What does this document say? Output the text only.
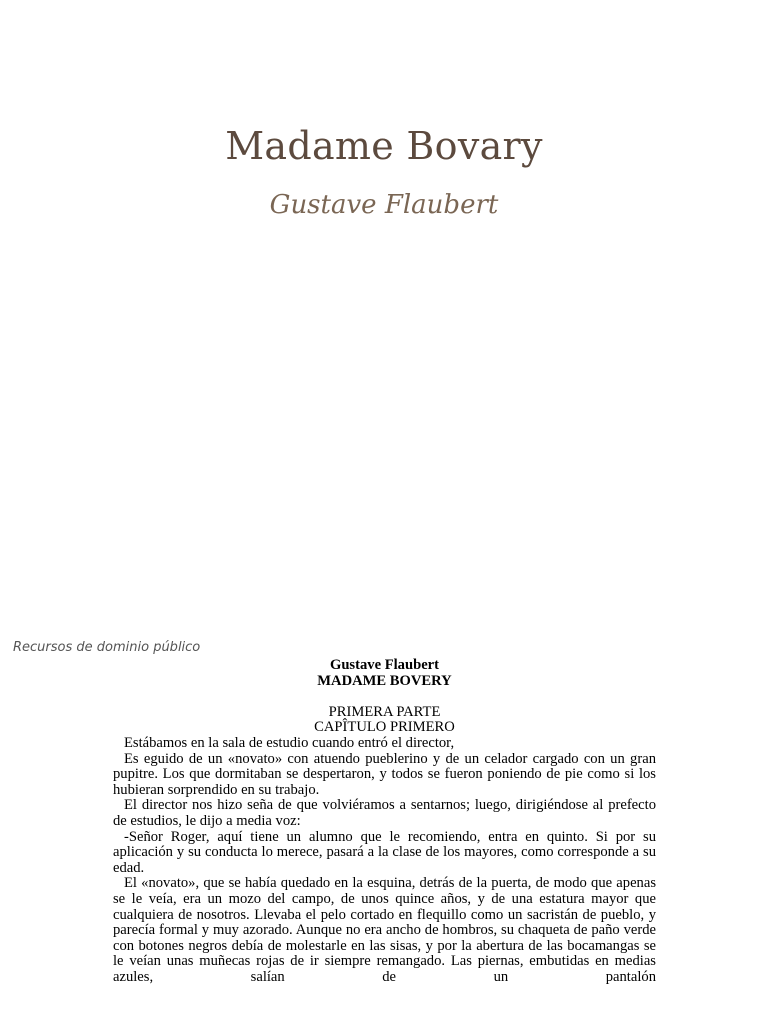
Madame Bovary
Gustave Flaubert
Recursos de dominio público
Gustave Flaubert
MADAME BOVERY
PRIMERA PARTE
CAPÎTULO PRIMERO

Estábamos en la sala de estudio cuando entró el director,

Es eguido de un «novato» con atuendo pueblerino y de un celador cargado con un gran pupitre. Los que dormitaban se despertaron, y todos se fueron poniendo de pie como si los hubieran sorprendido en su trabajo.

El director nos hizo seña de que volviéramos a sentarnos; luego, dirigiéndose al prefecto de estudios, le dijo a media voz:

-Señor Roger, aquí tiene un alumno que le recomiendo, entra en quinto. Si por su aplicación y su conducta lo merece, pasará a la clase de los mayores, como corresponde a su edad.

El «novato», que se había quedado en la esquina, detrás de la puerta, de modo que apenas se le veía, era un mozo del campo, de unos quince años, y de una estatura mayor que cualquiera de nosotros. Llevaba el pelo cortado en flequillo como un sacristán de pueblo, y parecía formal y muy azorado. Aunque no era ancho de hombros, su chaqueta de paño verde con botones negros debía de molestarle en las sisas, y por la abertura de las bocamangas se le veían unas muñecas rojas de ir siempre remangado. Las piernas, embutidas en medias azules, salían de un pantalón
